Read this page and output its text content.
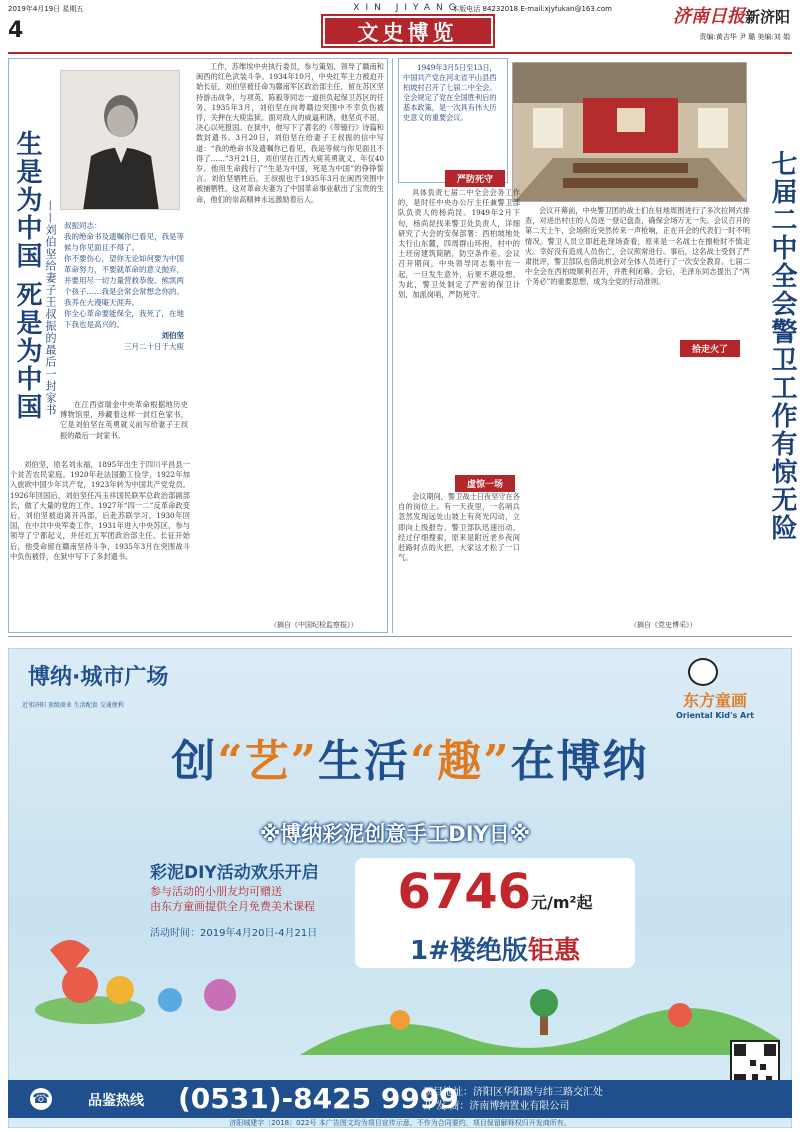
2019年4月19日 星期五	本版电话 84232018 E-mail:xjyfukan@163.com
4
XIN JIYANG
文史博览
济南日报新济阳
责编:黄吉华 尹 璐 美编:刘 娟
生是为中国 死是为中国 ——刘伯坚给妻子王叔振的最后一封家书 叔振同志：
我的绝命书及遗嘱你已看见，我是等候与你见面且不得了。
你不要伤心，望你无论如何要为中国革命努力，不要就革命的意义抛弃，并要用尽一切力量营救恭俊、熊凯两个孩子……我是会常会常想念你的。
我养在大漫庵天涯奔。
你全心革命要能保全，我死了，在地下我也是高兴的。
刘伯坚
三月二十日于大庾
在江西省瑞金中央革命根据地历史博物馆里，珍藏着这样一封红色家书，它是刘伯坚在英勇就义前写给妻子王叔振的最后一封家书。
刘伯坚，原名刘永福，1895年出生于四川平昌县一个贫苦农民家庭。1920年赴法国勤工俭学，1922年加入旅欧中国少年共产党，1923年转为中国共产党党员。1926年回国后，刘伯坚任冯玉祥国民联军总政治部副部长，做了大量的党的工作。1927年“四一二”反革命政变后，刘伯坚被迫离开冯部，后赴苏联学习。1930年回国，在中共中央军委工作，1931年进入中央苏区，参与领导了宁都起义，并任红五军团政治部主任。长征开始后，他受命留在赣南坚持斗争，1935年3月在突围战斗中负伤被俘，在狱中写下了多封遗书。
工作，苏维埃中央执行委员，参与策划、领导了赣南和闽西的红色武装斗争。1934年10月，中央红军主力被迫开始长征，刘伯坚被任命为赣南军区政治部主任，留在苏区坚持游击战争，与项英、陈毅等同志一道担负起保卫苏区的任务。1935年3月，刘伯坚在向粤赣边突围中不幸负伤被俘，关押在大庾监狱。面对敌人的威逼利诱，他坚贞不屈，决心以死报国。在狱中，他写下了著名的《带镣行》诗篇和数封遗书。3月20日，刘伯坚在给妻子王叔振的信中写道：“我的绝命书及遗嘱你已看见，我是等候与你见面且不得了……”3月21日，刘伯坚在江西大庾英勇就义，年仅40岁。他用生命践行了“生是为中国，死是为中国”的铮铮誓言。刘伯坚牺牲后，王叔振也于1935年3月在闽西突围中被捕牺牲。这对革命夫妻为了中国革命事业献出了宝贵的生命，他们的崇高精神永远激励着后人。
（摘自《中国纪检监察报》）

1949年3月5日至13日，中国共产党在河北省平山县西柏坡村召开了七届二中全会。全会规定了党在全国胜利后的基本政策，是一次具有伟大历史意义的重要会议。

七届二中全会警卫工作有惊无险
严防死守
具体负责七届二中全会会务工作的，是时任中央办公厅主任兼警卫部队负责人的杨尚昆。1949年2月下旬，杨尚昆找来警卫处负责人，详细研究了大会的安保部署：西柏坡地处太行山东麓，四周群山环抱，村中的土坯房建筑简陋，防空条件差。会议召开期间，中央领导同志集中在一起，一旦发生意外，后果不堪设想。为此，警卫处制定了严密的保卫计划，加派岗哨，严防死守。
虚惊一场
会议期间，警卫战士日夜坚守在各自的岗位上。有一天夜里，一名哨兵忽然发现远处山坡上有亮光闪动，立即向上级报告。警卫部队迅速出动，经过仔细搜索，原来是附近老乡夜间赶路时点的火把，大家这才松了一口气。
会议开幕前，中央警卫团的战士们在驻地周围进行了多次拉网式排查，对进出村庄的人员逐一登记盘查，确保会场万无一失。会议召开的第二天上午，会场附近突然传来一声枪响，正在开会的代表们一时不明情况。警卫人员立即赶赴现场查看，原来是一名战士在擦枪时不慎走火。幸好没有造成人员伤亡，会议照常进行。事后，这名战士受到了严肃批评，警卫部队也借此机会对全体人员进行了一次安全教育。七届二中全会在西柏坡顺利召开，并胜利闭幕。会后，毛泽东同志提出了“两个务必”的重要思想，成为全党的行动准则。
拾走火了
（摘自《党史博采》）
博纳·城市广场
近邻济阳 顶级商业 生活配套 交通便利	东方童画
Oriental Kid's Art
创“艺”生活“趣”在博纳
※博纳彩泥创意手工DIY日※
彩泥DIY活动欢乐开启
参与活动的小朋友均可赠送
由东方童画提供全月免费美术课程
活动时间：2019年4月20日-4月21日
6746元/m²起
1#楼绝版钜惠
品鉴热线 (0531)-8425 9999
项目地址：济阳区华阳路与纬三路交汇处
开 发 商：济南博纳置业有限公司
☎
济阳城建字〔2018〕022号 本广告图文均为项目宣传示意，不作为合同要约，项目保留解释权归开发商所有。
